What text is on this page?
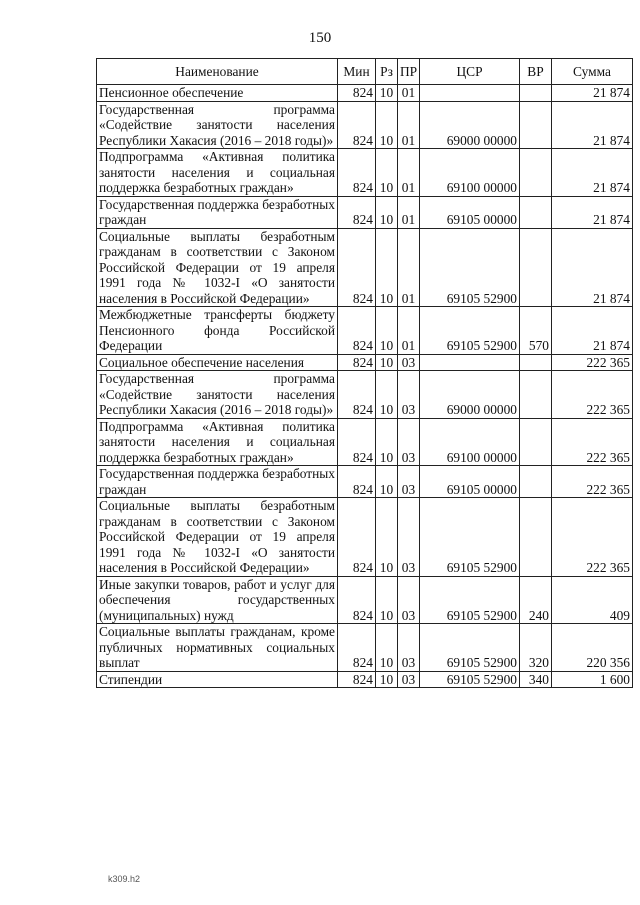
150
Наименование	Мин	Рз	ПР	ЦСР	ВР	Сумма
Пенсионное обеспечение	824	10	01			21 874
Государственная программа «Содействие занятости населения Республики Хакасия (2016 – 2018 годы)»	824	10	01	69000 00000		21 874
Подпрограмма «Активная политика занятости населения и социальная поддержка безработных граждан»	824	10	01	69100 00000		21 874
Государственная поддержка безработных граждан	824	10	01	69105 00000		21 874
Социальные выплаты безработным гражданам в соответствии с Законом Российской Федерации от 19 апреля 1991 года № 1032-I «О занятости населения в Российской Федерации»	824	10	01	69105 52900		21 874
Межбюджетные трансферты бюджету Пенсионного фонда Российской Федерации	824	10	01	69105 52900	570	21 874
Социальное обеспечение населения	824	10	03			222 365
Государственная программа «Содействие занятости населения Республики Хакасия (2016 – 2018 годы)»	824	10	03	69000 00000		222 365
Подпрограмма «Активная политика занятости населения и социальная поддержка безработных граждан»	824	10	03	69100 00000		222 365
Государственная поддержка безработных граждан	824	10	03	69105 00000		222 365
Социальные выплаты безработным гражданам в соответствии с Законом Российской Федерации от 19 апреля 1991 года № 1032-I «О занятости населения в Российской Федерации»	824	10	03	69105 52900		222 365
Иные закупки товаров, работ и услуг для обеспечения государственных (муниципальных) нужд	824	10	03	69105 52900	240	409
Социальные выплаты гражданам, кроме публичных нормативных социальных выплат	824	10	03	69105 52900	320	220 356
Стипендии	824	10	03	69105 52900	340	1 600
k309.h2
